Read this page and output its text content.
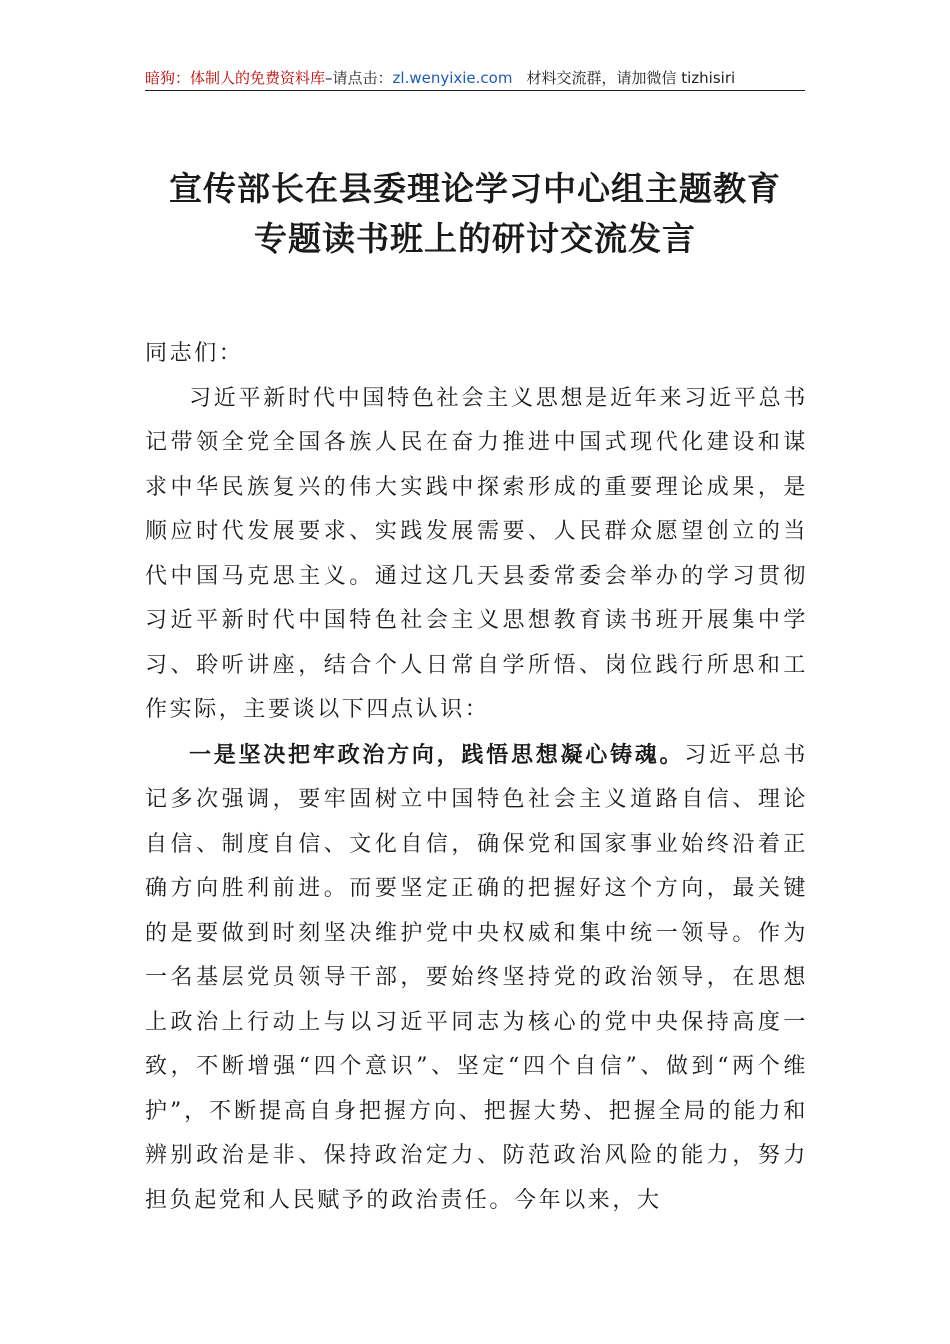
暗狗：体制人的免费资料库–请点击：zl.wenyixie.com 材料交流群，请加微信 tizhisiri
宣传部长在县委理论学习中心组主题教育
专题读书班上的研讨交流发言

同志们：

习近平新时代中国特色社会主义思想是近年来习近平总书记带领全党全国各族人民在奋力推进中国式现代化建设和谋求中华民族复兴的伟大实践中探索形成的重要理论成果，是顺应时代发展要求、实践发展需要、人民群众愿望创立的当代中国马克思主义。通过这几天县委常委会举办的学习贯彻习近平新时代中国特色社会主义思想教育读书班开展集中学习、聆听讲座，结合个人日常自学所悟、岗位践行所思和工作实际，主要谈以下四点认识：

一是坚决把牢政治方向，践悟思想凝心铸魂。习近平总书记多次强调，要牢固树立中国特色社会主义道路自信、理论自信、制度自信、文化自信，确保党和国家事业始终沿着正确方向胜利前进。而要坚定正确的把握好这个方向，最关键的是要做到时刻坚决维护党中央权威和集中统一领导。作为一名基层党员领导干部，要始终坚持党的政治领导，在思想上政治上行动上与以习近平同志为核心的党中央保持高度一致，不断增强“四个意识”、坚定“四个自信”、做到“两个维护”，不断提高自身把握方向、把握大势、把握全局的能力和辨别政治是非、保持政治定力、防范政治风险的能力，努力担负起党和人民赋予的政治责任。今年以来，大
